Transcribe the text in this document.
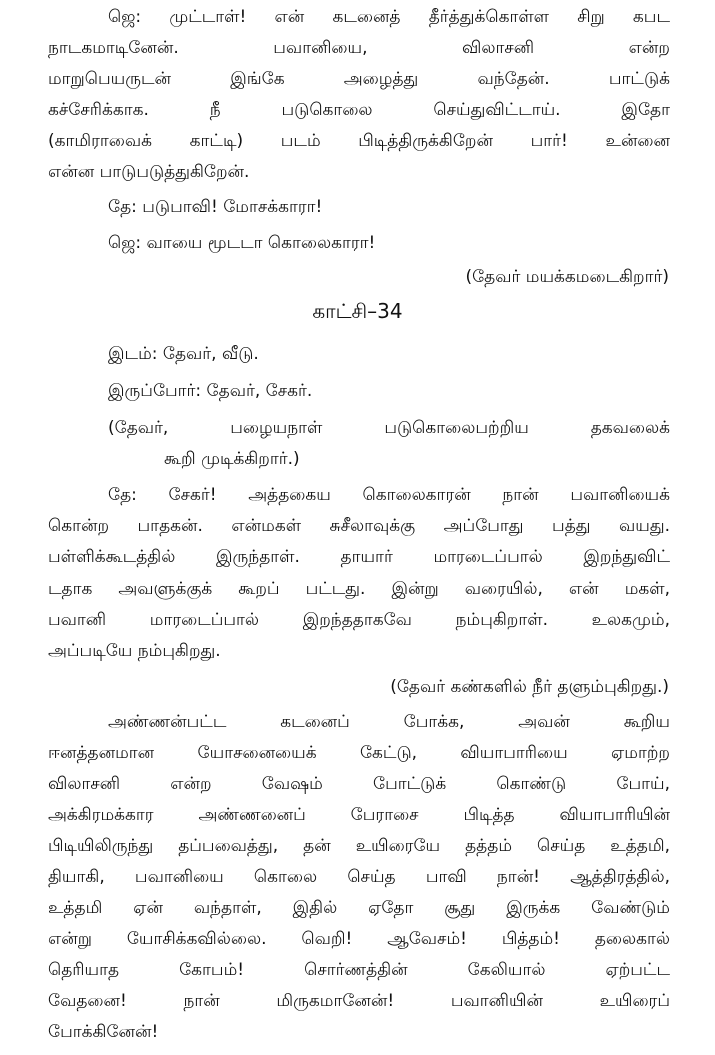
ஜெ: முட்டாள்! என் கடனைத் தீர்த்துக்கொள்ள சிறு கபட
நாடகமாடினேன். பவானியை, விலாசனி என்ற
மாறுபெயருடன் இங்கே அழைத்து வந்தேன். பாட்டுக்
கச்சேரிக்காக. நீ படுகொலை செய்துவிட்டாய். இதோ
(காமிராவைக் காட்டி) படம் பிடித்திருக்கிறேன் பார்! உன்னை
என்ன பாடுபடுத்துகிறேன்.
தே: படுபாவி! மோசக்காரா!
ஜெ: வாயை மூடடா கொலைகாரா!
(தேவர் மயக்கமடைகிறார்)
காட்சி–34
இடம்: தேவர், வீடு.
இருப்போர்: தேவர், சேகர்.
(தேவர், பழையநாள் படுகொலைபற்றிய தகவலைக்
கூறி முடிக்கிறார்.)
தே: சேகர்! அத்தகைய கொலைகாரன் நான் பவானியைக்
கொன்ற பாதகன். என்மகள் சுசீலாவுக்கு அப்போது பத்து வயது.
பள்ளிக்கூடத்தில் இருந்தாள். தாயார் மாரடைப்பால் இறந்துவிட்
டதாக அவளுக்குக் கூறப் பட்டது. இன்று வரையில், என் மகள்,
பவானி மாரடைப்பால் இறந்ததாகவே நம்புகிறாள். உலகமும்,
அப்படியே நம்புகிறது.
(தேவர் கண்களில் நீர் தளும்புகிறது.)
அண்ணன்பட்ட கடனைப் போக்க, அவன் கூறிய
ஈனத்தனமான யோசனையைக் கேட்டு, வியாபாரியை ஏமாற்ற
விலாசனி என்ற வேஷம் போட்டுக் கொண்டு போய்,
அக்கிரமக்கார அண்ணனைப் பேராசை பிடித்த வியாபாரியின்
பிடியிலிருந்து தப்பவைத்து, தன் உயிரையே தத்தம் செய்த உத்தமி,
தியாகி, பவானியை கொலை செய்த பாவி நான்! ஆத்திரத்தில்,
உத்தமி ஏன் வந்தாள், இதில் ஏதோ சூது இருக்க வேண்டும்
என்று யோசிக்கவில்லை. வெறி! ஆவேசம்! பித்தம்! தலைகால்
தெரியாத கோபம்! சொர்ணத்தின் கேலியால் ஏற்பட்ட
வேதனை! நான் மிருகமானேன்! பவானியின் உயிரைப்
போக்கினேன்!
